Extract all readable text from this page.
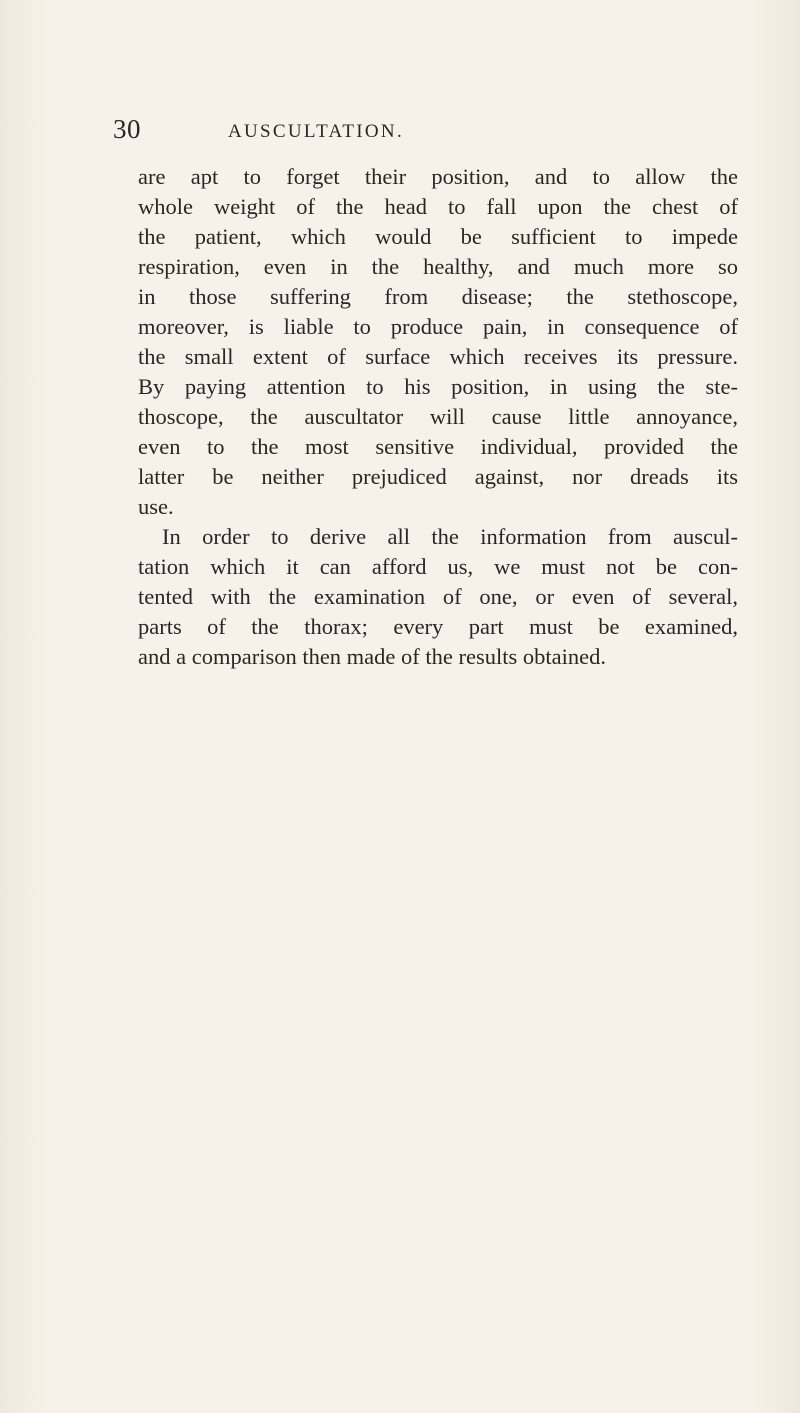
30	AUSCULTATION.
are apt to forget their position, and to allow the
whole weight of the head to fall upon the chest of
the patient, which would be sufficient to impede
respiration, even in the healthy, and much more so
in those suffering from disease; the stethoscope,
moreover, is liable to produce pain, in consequence of
the small extent of surface which receives its pressure.
By paying attention to his position, in using the ste-
thoscope, the auscultator will cause little annoyance,
even to the most sensitive individual, provided the
latter be neither prejudiced against, nor dreads its
use.
In order to derive all the information from auscul-
tation which it can afford us, we must not be con-
tented with the examination of one, or even of several,
parts of the thorax; every part must be examined,
and a comparison then made of the results obtained.
